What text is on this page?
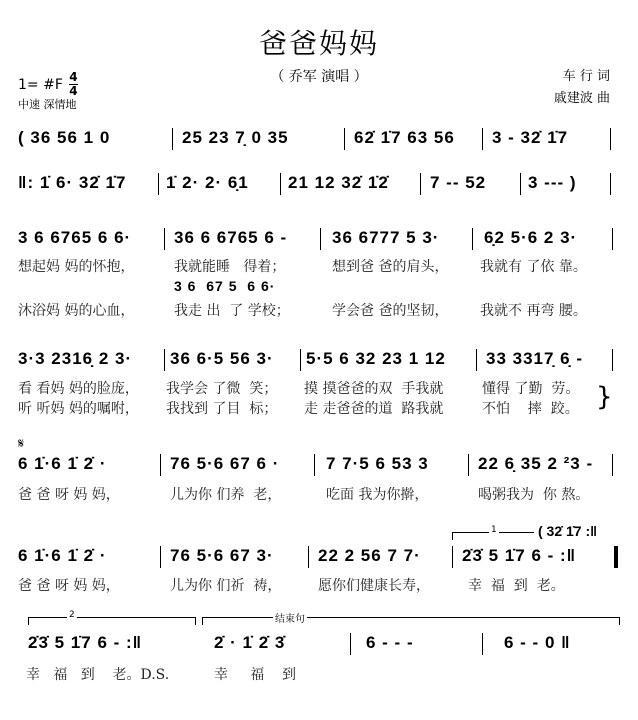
爸爸妈妈
（ 乔军 演唱 ）
1= #F 4
4
中速 深情地
车 行 词
戚建波 曲

( 36 56 1 0

	25 23 7̣ 0 35

	62̇ 1̇7 63 56

3 - 32̇ 1̇7

‖: 1̇ 6· 32̇ 1̇7

1̇ 2· 2· 6̣1

21 12 32̇ 1̇2̇

7 -- 52

3 --- )

3 6 6765 6 6·

	36 6 6765 6 -

	36 6777 5 3·

	6̣2 5·6 2 3·

想起妈 妈的怀抱，

	我就能睡   得着；

	想到爸 爸的肩头，

我就有 了依 靠。

3 6  67 5  6 6·

沐浴妈 妈的心血，

	我走 出  了 学校；

	学会爸 爸的坚韧，

我就不 再弯 腰。

3·3 2316̣ 2 3·

36 6·5 56 3·

5·5 6 32 23 1 12

33 3317̣ 6̣ -

看 看妈 妈的脸庞，

我学会 了微  笑；

摸 摸爸爸的双  手我就

	懂得 了勤  劳。

听 听妈 妈的嘱咐，

我找到 了目  标；

走 走爸爸的道  路我就

	不怕    摔  跤。 }
𝄋

6 1̇·6 1̇ 2̇ ·

	76 5·6 67 6 ·

	7 7·5 6 53 3

	22 6̣ 35 2 ²3 -

爸 爸 呀 妈 妈，

	儿为你 们养  老，

	吃面 我为你擀，

	喝粥我为  你 熬。

1	( 32̇ 1̇7 :‖

6 1̇·6 1̇ 2̇ ·

	76 5·6 67 3·

	22 2 56 7 7·

2̇3̇ 5 1̇7 6 - :‖

爸 爸 呀 妈 妈，

	儿为你 们祈  祷，

	愿你们健康长寿，

	幸  福  到  老。

2	结束句

2̇3̇ 5 1̇7 6 - :‖

	2̇ · 1̇ 2̇ 3̇

	6 - - -

	6 - - 0 ‖

幸   福   到    老。D.S.

	幸     福    到
